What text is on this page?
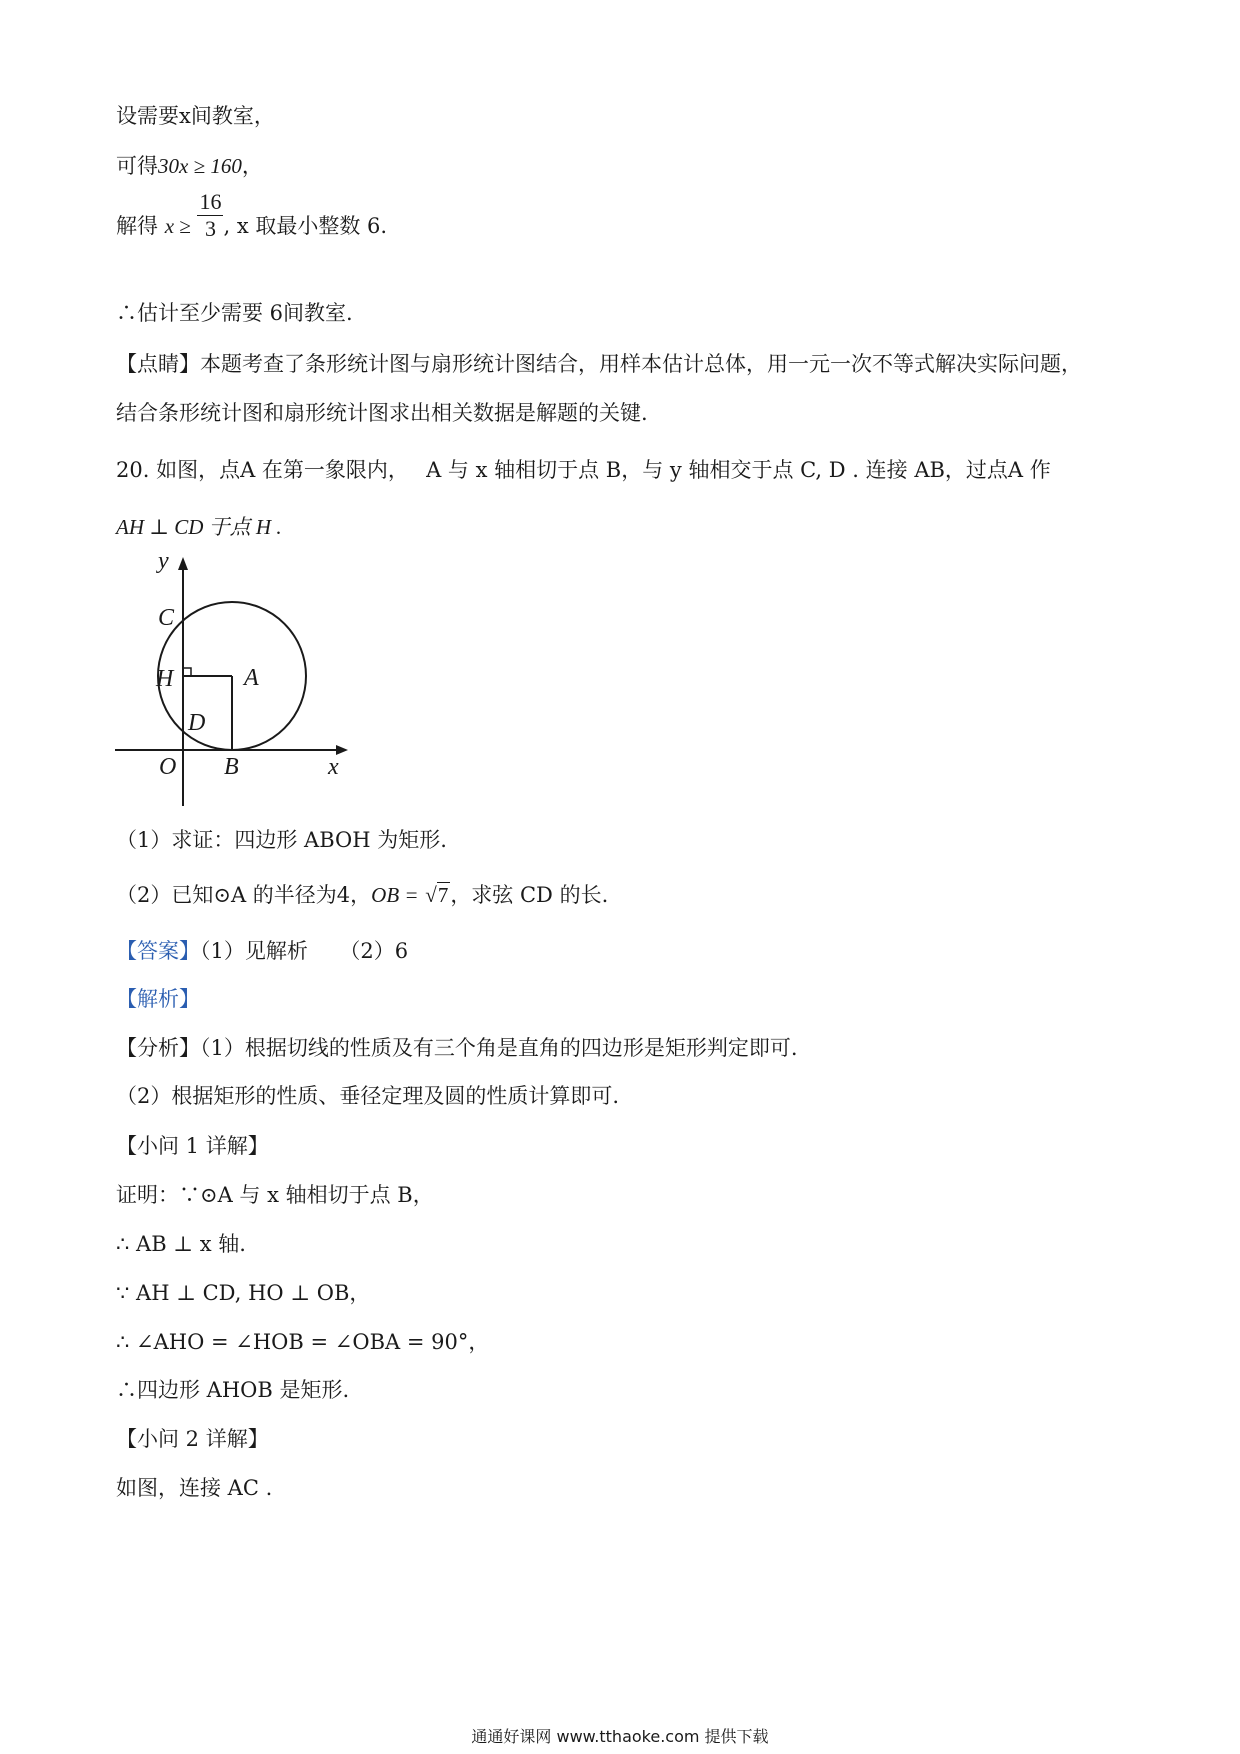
设需要x间教室，
可得30x ≥ 160，
解得 $x \ge \frac{16}{3}$ , x 取最小整数 6.
∴估计至少需要 6间教室.
【点睛】本题考查了条形统计图与扇形统计图结合，用样本估计总体，用一元一次不等式解决实际问题，
结合条形统计图和扇形统计图求出相关数据是解题的关键.
20. 如图，点A 在第一象限内，　 A 与 x 轴相切于点 B，与 y 轴相交于点 C, D . 连接 AB，过点A 作
AH ⊥ CD 于点 H .
y
C
H	A
D
O B	x
（1）求证：四边形 ABOH 为矩形.
（2）已知⊙A 的半径为4，OB = √7，求弦 CD 的长.
【答案】（1）见解析　　（2）6
【解析】
【分析】（1）根据切线的性质及有三个角是直角的四边形是矩形判定即可.
（2）根据矩形的性质、垂径定理及圆的性质计算即可.
【小问 1 详解】
证明：∵⊙A 与 x 轴相切于点 B，
∴ AB ⊥ x 轴.
∵ AH ⊥ CD, HO ⊥ OB，
∴ ∠AHO = ∠HOB = ∠OBA = 90°，
∴四边形 AHOB 是矩形.
【小问 2 详解】
如图，连接 AC .
通通好课网 www.tthaoke.com 提供下载
